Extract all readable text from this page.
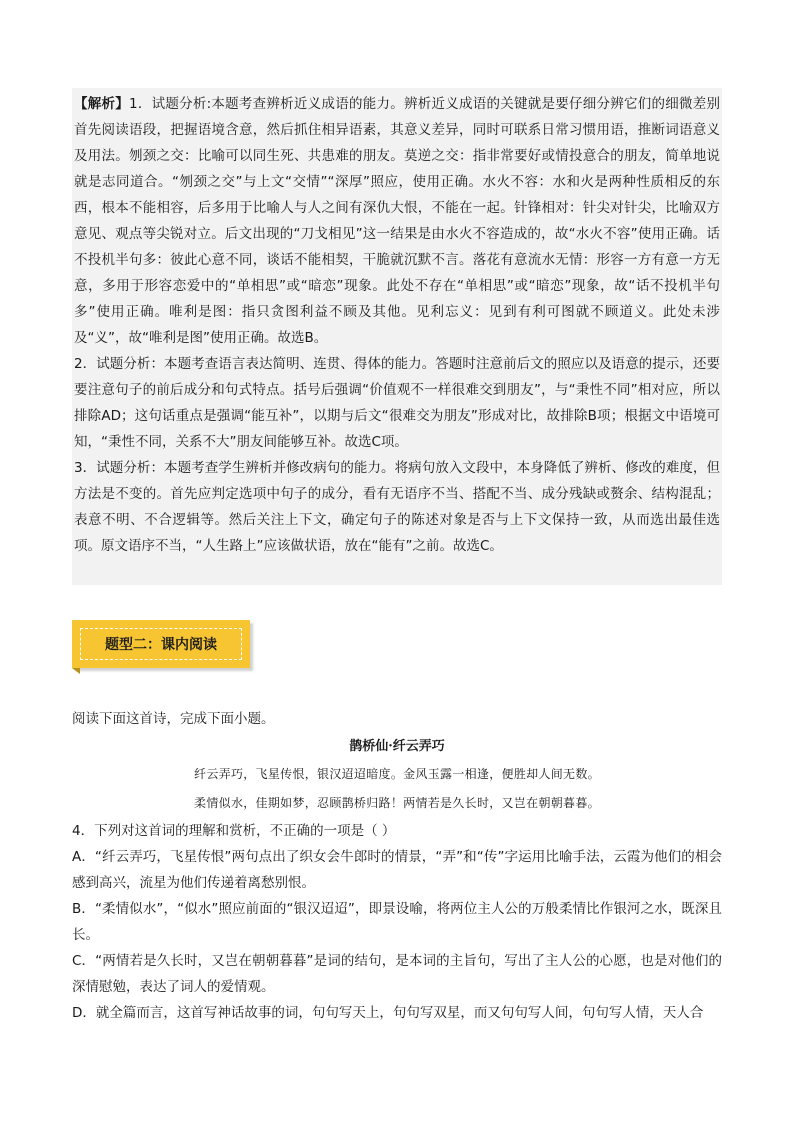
【解析】1．试题分析:本题考查辨析近义成语的能力。辨析近义成语的关键就是要仔细分辨它们的细微差别首先阅读语段，把握语境含意，然后抓住相异语素，其意义差异，同时可联系日常习惯用语，推断词语意义及用法。刎颈之交：比喻可以同生死、共患难的朋友。莫逆之交：指非常要好或情投意合的朋友，简单地说就是志同道合。“刎颈之交”与上文“交情”“深厚”照应，使用正确。水火不容：水和火是两种性质相反的东西，根本不能相容，后多用于比喻人与人之间有深仇大恨，不能在一起。针锋相对：针尖对针尖，比喻双方意见、观点等尖锐对立。后文出现的“刀戈相见”这一结果是由水火不容造成的，故“水火不容”使用正确。话不投机半句多：彼此心意不同，谈话不能相契，干脆就沉默不言。落花有意流水无情：形容一方有意一方无意，多用于形容恋爱中的“单相思”或“暗恋”现象。此处不存在“单相思”或“暗恋”现象，故“话不投机半句多”使用正确。唯利是图：指只贪图利益不顾及其他。见利忘义：见到有利可图就不顾道义。此处未涉及“义”，故“唯利是图”使用正确。故选B。

2．试题分析：本题考查语言表达简明、连贯、得体的能力。答题时注意前后文的照应以及语意的提示，还要要注意句子的前后成分和句式特点。括号后强调“价值观不一样很难交到朋友”，与“秉性不同”相对应，所以排除AD；这句话重点是强调“能互补”，以期与后文“很难交为朋友”形成对比，故排除B项；根据文中语境可知，“秉性不同，关系不大”朋友间能够互补。故选C项。

3．试题分析：本题考查学生辨析并修改病句的能力。将病句放入文段中，本身降低了辨析、修改的难度，但方法是不变的。首先应判定选项中句子的成分，看有无语序不当、搭配不当、成分残缺或赘余、结构混乱；表意不明、不合逻辑等。然后关注上下文，确定句子的陈述对象是否与上下文保持一致，从而选出最佳选项。原文语序不当，“人生路上”应该做状语，放在“能有”之前。故选C。

题型二：课内阅读

阅读下面这首诗，完成下面小题。

鹊桥仙·纤云弄巧
纤云弄巧，飞星传恨，银汉迢迢暗度。金风玉露一相逢，便胜却人间无数。
柔情似水，佳期如梦，忍顾鹊桥归路！两情若是久长时，又岂在朝朝暮暮。

4．下列对这首词的理解和赏析，不正确的一项是（ ）

A．“纤云弄巧，飞星传恨”两句点出了织女会牛郎时的情景，“弄”和“传”字运用比喻手法，云霞为他们的相会感到高兴，流星为他们传递着离愁别恨。

B．“柔情似水”，“似水”照应前面的“银汉迢迢”，即景设喻，将两位主人公的万般柔情比作银河之水，既深且长。

C．“两情若是久长时，又岂在朝朝暮暮”是词的结句，是本词的主旨句，写出了主人公的心愿，也是对他们的深情慰勉，表达了词人的爱情观。

D．就全篇而言，这首写神话故事的词，句句写天上，句句写双星，而又句句写人间，句句写人情，天人合
